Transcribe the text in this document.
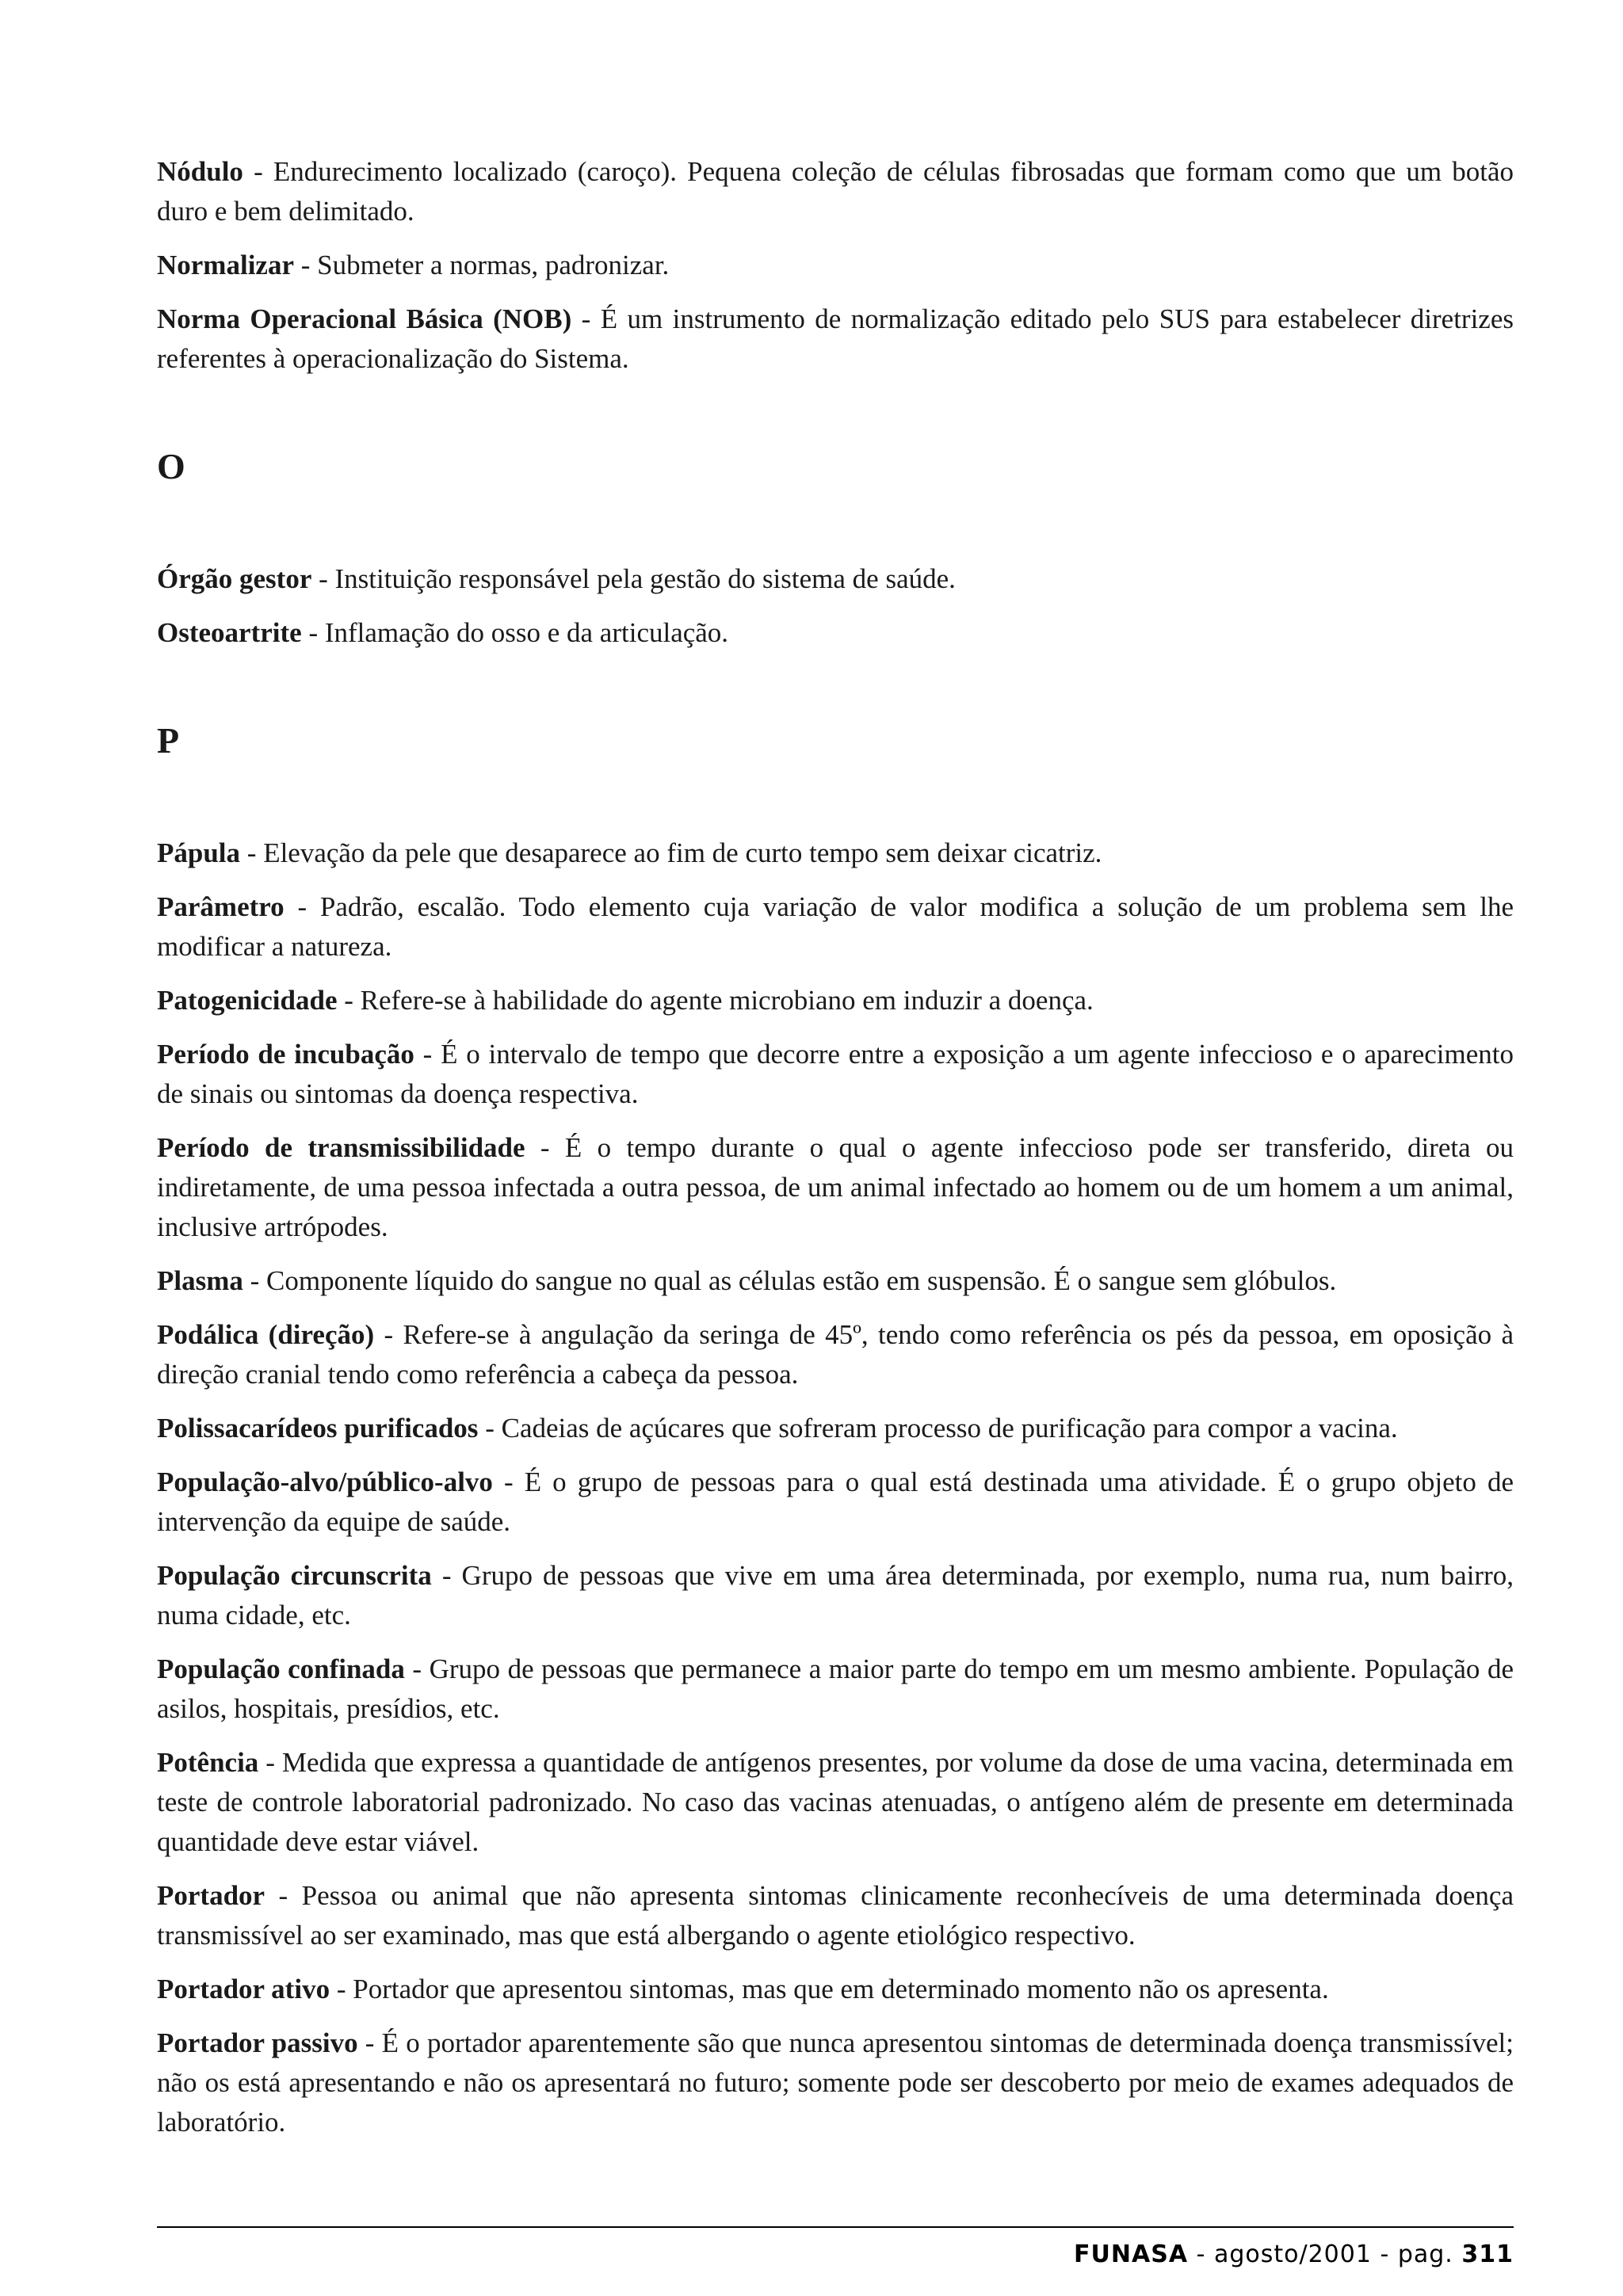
Nódulo - Endurecimento localizado (caroço). Pequena coleção de células fibrosadas que formam como que um botão duro e bem delimitado.

Normalizar - Submeter a normas, padronizar.

Norma Operacional Básica (NOB) - É um instrumento de normalização editado pelo SUS para estabelecer diretrizes referentes à operacionalização do Sistema.

O

Órgão gestor - Instituição responsável pela gestão do sistema de saúde.

Osteoartrite - Inflamação do osso e da articulação.

P

Pápula - Elevação da pele que desaparece ao fim de curto tempo sem deixar cicatriz.

Parâmetro - Padrão, escalão. Todo elemento cuja variação de valor modifica a solução de um problema sem lhe modificar a natureza.

Patogenicidade - Refere-se à habilidade do agente microbiano em induzir a doença.

Período de incubação - É o intervalo de tempo que decorre entre a exposição a um agente infeccioso e o aparecimento de sinais ou sintomas da doença respectiva.

Período de transmissibilidade - É o tempo durante o qual o agente infeccioso pode ser transferido, direta ou indiretamente, de uma pessoa infectada a outra pessoa, de um animal infectado ao homem ou de um homem a um animal, inclusive artrópodes.

Plasma - Componente líquido do sangue no qual as células estão em suspensão. É o sangue sem glóbulos.

Podálica (direção) - Refere-se à angulação da seringa de 45º, tendo como referência os pés da pessoa, em oposição à direção cranial tendo como referência a cabeça da pessoa.

Polissacarídeos purificados - Cadeias de açúcares que sofreram processo de purificação para compor a vacina.

População-alvo/público-alvo - É o grupo de pessoas para o qual está destinada uma atividade. É o grupo objeto de intervenção da equipe de saúde.

População circunscrita - Grupo de pessoas que vive em uma área determinada, por exemplo, numa rua, num bairro, numa cidade, etc.

População confinada - Grupo de pessoas que permanece a maior parte do tempo em um mesmo ambiente. População de asilos, hospitais, presídios, etc.

Potência - Medida que expressa a quantidade de antígenos presentes, por volume da dose de uma vacina, determinada em teste de controle laboratorial padronizado. No caso das vacinas atenuadas, o antígeno além de presente em determinada quantidade deve estar viável.

Portador - Pessoa ou animal que não apresenta sintomas clinicamente reconhecíveis de uma determinada doença transmissível ao ser examinado, mas que está albergando o agente etiológico respectivo.

Portador ativo - Portador que apresentou sintomas, mas que em determinado momento não os apresenta.

Portador passivo - É o portador aparentemente são que nunca apresentou sintomas de determinada doença transmissível; não os está apresentando e não os apresentará no futuro; somente pode ser descoberto por meio de exames adequados de laboratório.

FUNASA - agosto/2001 - pag. 311
